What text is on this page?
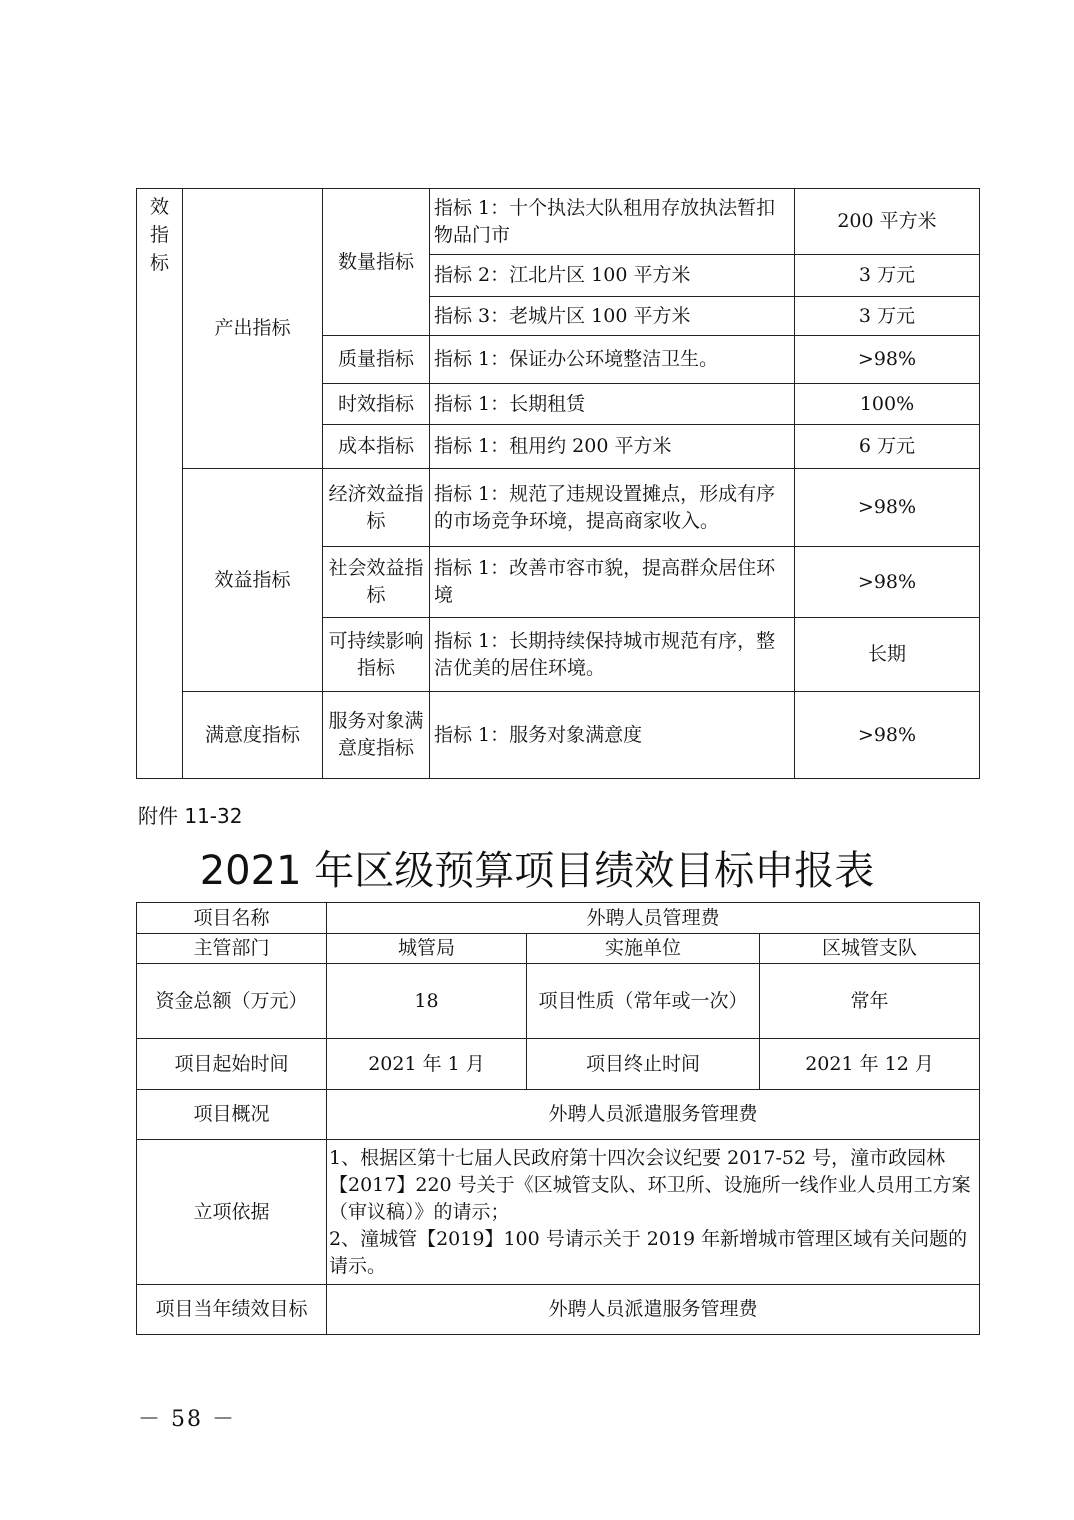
效指标	产出指标	数量指标	指标 1：十个执法大队租用存放执法暂扣物品门市	200 平方米
			指标 2：江北片区 100 平方米	3 万元
			指标 3：老城片区 100 平方米	3 万元
		质量指标	指标 1：保证办公环境整洁卫生。	>98%
		时效指标	指标 1：长期租赁	100%
		成本指标	指标 1：租用约 200 平方米	6 万元
	效益指标	经济效益指标	指标 1：规范了违规设置摊点，形成有序的市场竞争环境，提高商家收入。	>98%
		社会效益指标	指标 1：改善市容市貌，提高群众居住环境	>98%
		可持续影响指标	指标 1：长期持续保持城市规范有序，整洁优美的居住环境。	长期
	满意度指标	服务对象满意度指标	指标 1：服务对象满意度	>98%
附件 11-32
2021 年区级预算项目绩效目标申报表
项目名称	外聘人员管理费		
主管部门	城管局	实施单位	区城管支队
资金总额（万元）	18	项目性质（常年或一次）	常年
项目起始时间	2021 年 1 月	项目终止时间	2021 年 12 月
项目概况	外聘人员派遣服务管理费		
立项依据	1、根据区第十七届人民政府第十四次会议纪要 2017-52 号，潼市政园林【2017】220 号关于《区城管支队、环卫所、设施所一线作业人员用工方案（审议稿）》的请示；
2、潼城管【2019】100 号请示关于 2019 年新增城市管理区域有关问题的请示。		

项目当年绩效目标	外聘人员派遣服务管理费		
－ 58 －
